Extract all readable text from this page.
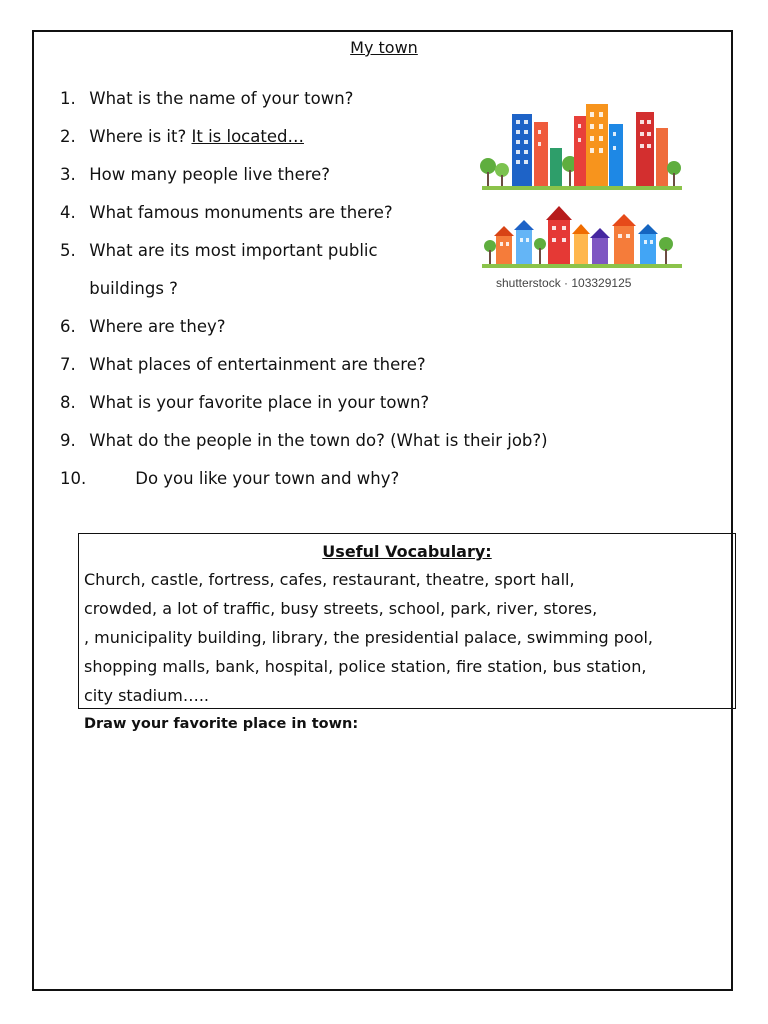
My town
1. What is the name of your town?
2. Where is it? It is located…
3. How many people live there?
4. What famous monuments are there?
5. What are its most important public
buildings ?
6. Where are they?
7. What places of entertainment are there?
8. What is your favorite place in your town?
9. What do the people in the town do? (What is their job?)
10.	Do you like your town and why?
shutterstock · 103329125
Useful Vocabulary:
Church, castle, fortress, cafes, restaurant, theatre, sport hall,
crowded, a lot of traffic, busy streets, school, park, river, stores,
, municipality building, library, the presidential palace, swimming pool,
shopping malls, bank, hospital, police station, fire station, bus station,
city stadium…..
Draw your favorite place in town:
